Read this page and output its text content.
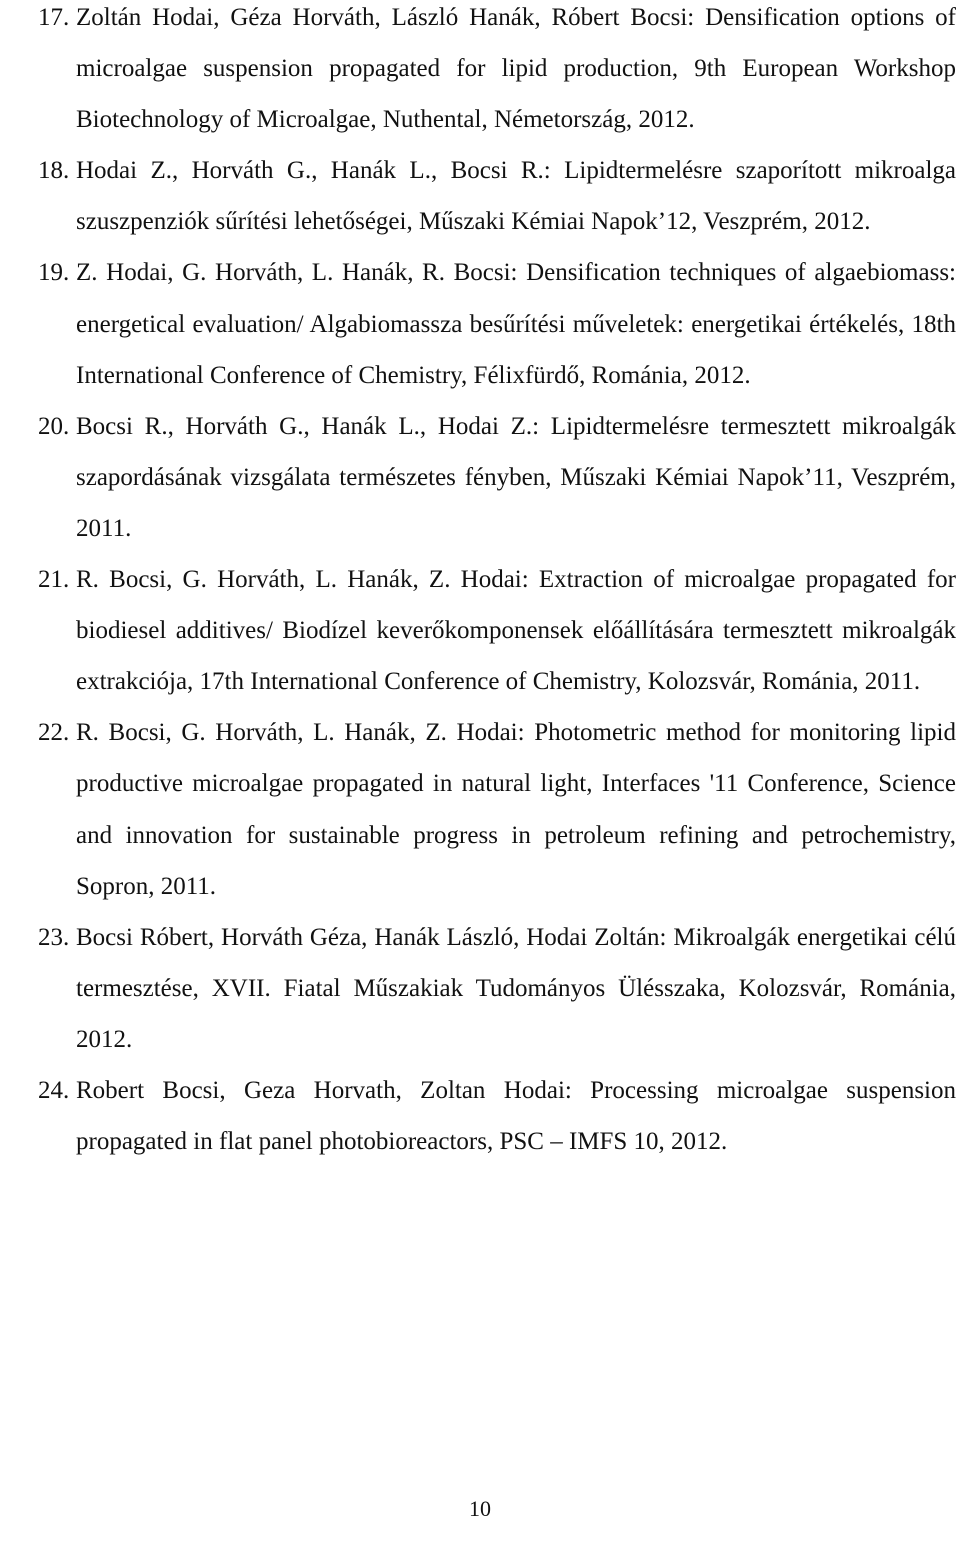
17. Zoltán Hodai, Géza Horváth, László Hanák, Róbert Bocsi: Densification options of microalgae suspension propagated for lipid production, 9th European Workshop Biotechnology of Microalgae, Nuthental, Németország, 2012.
18. Hodai Z., Horváth G., Hanák L., Bocsi R.: Lipidtermelésre szaporított mikroalga szuszpenziók sűrítési lehetőségei, Műszaki Kémiai Napok’12, Veszprém, 2012.
19. Z. Hodai, G. Horváth, L. Hanák, R. Bocsi: Densification techniques of algaebiomass: energetical evaluation/ Algabiomassza besűrítési műveletek: energetikai értékelés, 18th International Conference of Chemistry, Félixfürdő, Románia, 2012.
20. Bocsi R., Horváth G., Hanák L., Hodai Z.: Lipidtermelésre termesztett mikroalgák szapordásának vizsgálata természetes fényben, Műszaki Kémiai Napok’11, Veszprém, 2011.
21. R. Bocsi, G. Horváth, L. Hanák, Z. Hodai: Extraction of microalgae propagated for biodiesel additives/ Biodízel keverőkomponensek előállítására termesztett mikroalgák extrakciója, 17th International Conference of Chemistry, Kolozsvár, Románia, 2011.
22. R. Bocsi, G. Horváth, L. Hanák, Z. Hodai: Photometric method for monitoring lipid productive microalgae propagated in natural light, Interfaces '11 Conference, Science and innovation for sustainable progress in petroleum refining and petrochemistry, Sopron, 2011.
23. Bocsi Róbert, Horváth Géza, Hanák László, Hodai Zoltán: Mikroalgák energetikai célú termesztése, XVII. Fiatal Műszakiak Tudományos Ülésszaka, Kolozsvár, Románia, 2012.
24. Robert Bocsi, Geza Horvath, Zoltan Hodai: Processing microalgae suspension propagated in flat panel photobioreactors, PSC – IMFS 10, 2012.
10
